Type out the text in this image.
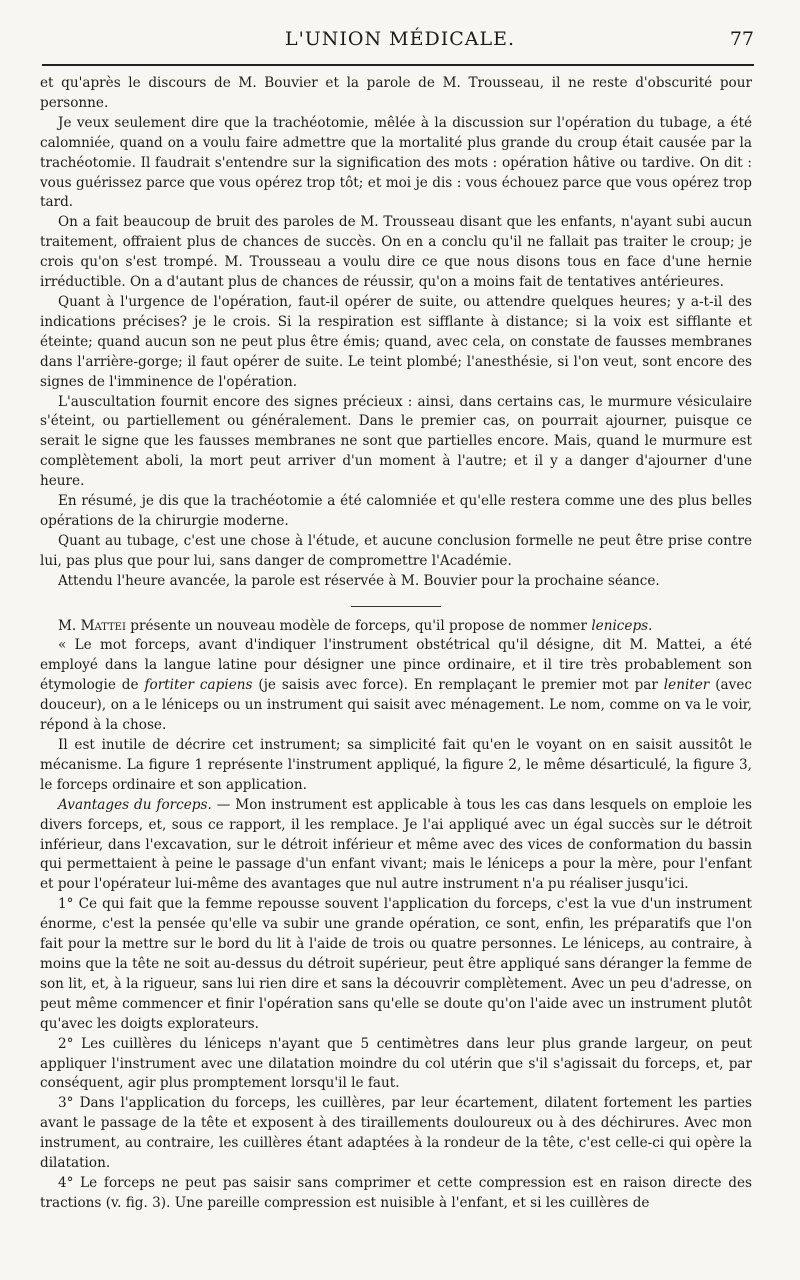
L'UNION MÉDICALE.	77

et qu'après le discours de M. Bouvier et la parole de M. Trousseau, il ne reste d'obscurité pour personne.

Je veux seulement dire que la trachéotomie, mêlée à la discussion sur l'opération du tubage, a été calomniée, quand on a voulu faire admettre que la mortalité plus grande du croup était causée par la trachéotomie. Il faudrait s'entendre sur la signification des mots : opération hâtive ou tardive. On dit : vous guérissez parce que vous opérez trop tôt; et moi je dis : vous échouez parce que vous opérez trop tard.

On a fait beaucoup de bruit des paroles de M. Trousseau disant que les enfants, n'ayant subi aucun traitement, offraient plus de chances de succès. On en a conclu qu'il ne fallait pas traiter le croup; je crois qu'on s'est trompé. M. Trousseau a voulu dire ce que nous disons tous en face d'une hernie irréductible. On a d'autant plus de chances de réussir, qu'on a moins fait de tentatives antérieures.

Quant à l'urgence de l'opération, faut-il opérer de suite, ou attendre quelques heures; y a-t-il des indications précises? je le crois. Si la respiration est sifflante à distance; si la voix est sifflante et éteinte; quand aucun son ne peut plus être émis; quand, avec cela, on constate de fausses membranes dans l'arrière-gorge; il faut opérer de suite. Le teint plombé; l'anesthésie, si l'on veut, sont encore des signes de l'imminence de l'opération.

L'auscultation fournit encore des signes précieux : ainsi, dans certains cas, le murmure vésiculaire s'éteint, ou partiellement ou généralement. Dans le premier cas, on pourrait ajourner, puisque ce serait le signe que les fausses membranes ne sont que partielles encore. Mais, quand le murmure est complètement aboli, la mort peut arriver d'un moment à l'autre; et il y a danger d'ajourner d'une heure.

En résumé, je dis que la trachéotomie a été calomniée et qu'elle restera comme une des plus belles opérations de la chirurgie moderne.

Quant au tubage, c'est une chose à l'étude, et aucune conclusion formelle ne peut être prise contre lui, pas plus que pour lui, sans danger de compromettre l'Académie.

Attendu l'heure avancée, la parole est réservée à M. Bouvier pour la prochaine séance.

M. Mattei présente un nouveau modèle de forceps, qu'il propose de nommer leniceps.

« Le mot forceps, avant d'indiquer l'instrument obstétrical qu'il désigne, dit M. Mattei, a été employé dans la langue latine pour désigner une pince ordinaire, et il tire très probablement son étymologie de fortiter capiens (je saisis avec force). En remplaçant le premier mot par leniter (avec douceur), on a le léniceps ou un instrument qui saisit avec ménagement. Le nom, comme on va le voir, répond à la chose.

Il est inutile de décrire cet instrument; sa simplicité fait qu'en le voyant on en saisit aussitôt le mécanisme. La figure 1 représente l'instrument appliqué, la figure 2, le même désarticulé, la figure 3, le forceps ordinaire et son application.

Avantages du forceps. — Mon instrument est applicable à tous les cas dans lesquels on emploie les divers forceps, et, sous ce rapport, il les remplace. Je l'ai appliqué avec un égal succès sur le détroit inférieur, dans l'excavation, sur le détroit inférieur et même avec des vices de conformation du bassin qui permettaient à peine le passage d'un enfant vivant; mais le léniceps a pour la mère, pour l'enfant et pour l'opérateur lui-même des avantages que nul autre instrument n'a pu réaliser jusqu'ici.

1° Ce qui fait que la femme repousse souvent l'application du forceps, c'est la vue d'un instrument énorme, c'est la pensée qu'elle va subir une grande opération, ce sont, enfin, les préparatifs que l'on fait pour la mettre sur le bord du lit à l'aide de trois ou quatre personnes. Le léniceps, au contraire, à moins que la tête ne soit au-dessus du détroit supérieur, peut être appliqué sans déranger la femme de son lit, et, à la rigueur, sans lui rien dire et sans la découvrir complètement. Avec un peu d'adresse, on peut même commencer et finir l'opération sans qu'elle se doute qu'on l'aide avec un instrument plutôt qu'avec les doigts explorateurs.

2° Les cuillères du léniceps n'ayant que 5 centimètres dans leur plus grande largeur, on peut appliquer l'instrument avec une dilatation moindre du col utérin que s'il s'agissait du forceps, et, par conséquent, agir plus promptement lorsqu'il le faut.

3° Dans l'application du forceps, les cuillères, par leur écartement, dilatent fortement les parties avant le passage de la tête et exposent à des tiraillements douloureux ou à des déchirures. Avec mon instrument, au contraire, les cuillères étant adaptées à la rondeur de la tête, c'est celle-ci qui opère la dilatation.

4° Le forceps ne peut pas saisir sans comprimer et cette compression est en raison directe des tractions (v. fig. 3). Une pareille compression est nuisible à l'enfant, et si les cuillères de
